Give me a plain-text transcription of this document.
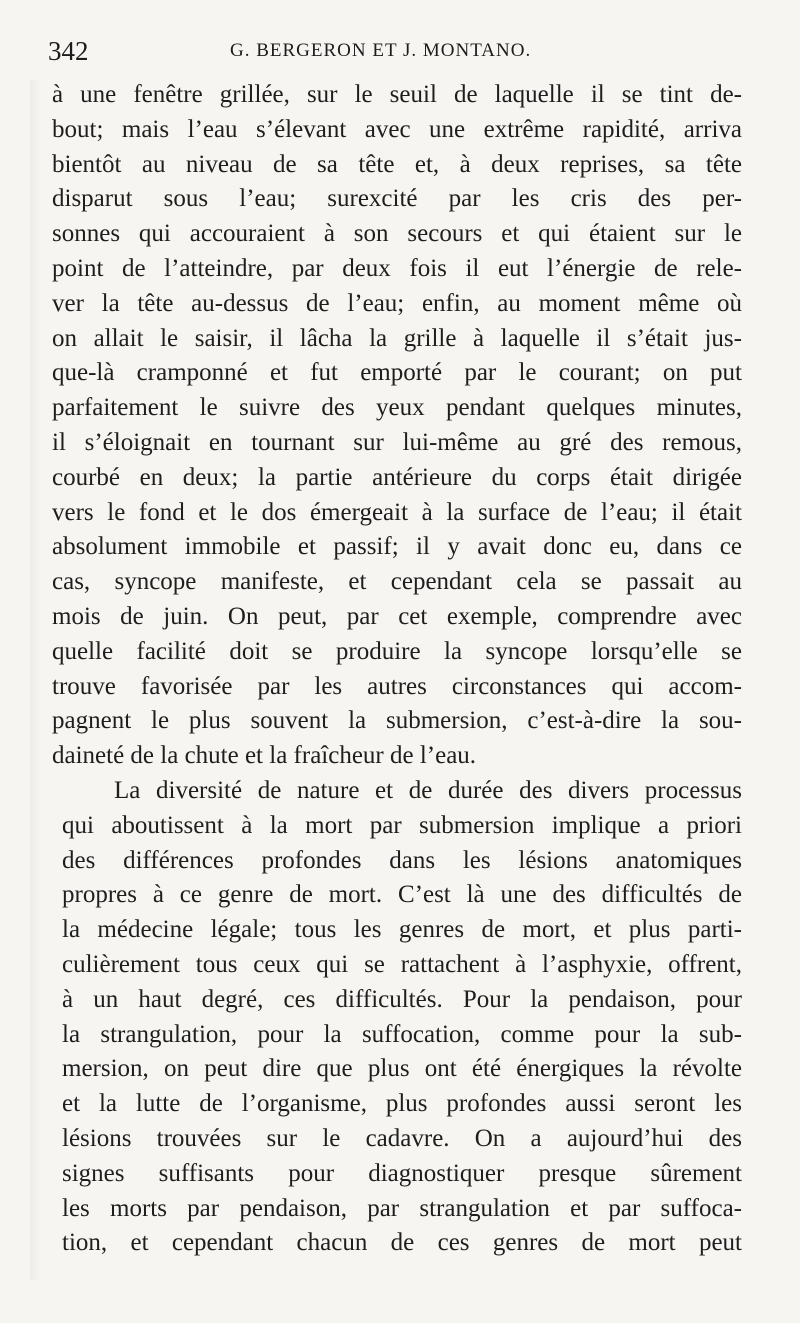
342	G. BERGERON ET J. MONTANO.
à une fenêtre grillée, sur le seuil de laquelle il se tint de-
bout; mais l’eau s’élevant avec une extrême rapidité, arriva
bientôt au niveau de sa tête et, à deux reprises, sa tête
disparut sous l’eau; surexcité par les cris des per-
sonnes qui accouraient à son secours et qui étaient sur le
point de l’atteindre, par deux fois il eut l’énergie de rele-
ver la tête au-dessus de l’eau; enfin, au moment même où
on allait le saisir, il lâcha la grille à laquelle il s’était jus-
que-là cramponné et fut emporté par le courant; on put
parfaitement le suivre des yeux pendant quelques minutes,
il s’éloignait en tournant sur lui-même au gré des remous,
courbé en deux; la partie antérieure du corps était dirigée
vers le fond et le dos émergeait à la surface de l’eau; il était
absolument immobile et passif; il y avait donc eu, dans ce
cas, syncope manifeste, et cependant cela se passait au
mois de juin. On peut, par cet exemple, comprendre avec
quelle facilité doit se produire la syncope lorsqu’elle se
trouve favorisée par les autres circonstances qui accom-
pagnent le plus souvent la submersion, c’est-à-dire la sou-
daineté de la chute et la fraîcheur de l’eau.
La diversité de nature et de durée des divers processus
qui aboutissent à la mort par submersion implique a priori
des différences profondes dans les lésions anatomiques
propres à ce genre de mort. C’est là une des difficultés de
la médecine légale; tous les genres de mort, et plus parti-
culièrement tous ceux qui se rattachent à l’asphyxie, offrent,
à un haut degré, ces difficultés. Pour la pendaison, pour
la strangulation, pour la suffocation, comme pour la sub-
mersion, on peut dire que plus ont été énergiques la révolte
et la lutte de l’organisme, plus profondes aussi seront les
lésions trouvées sur le cadavre. On a aujourd’hui des
signes suffisants pour diagnostiquer presque sûrement
les morts par pendaison, par strangulation et par suffoca-
tion, et cependant chacun de ces genres de mort peut
